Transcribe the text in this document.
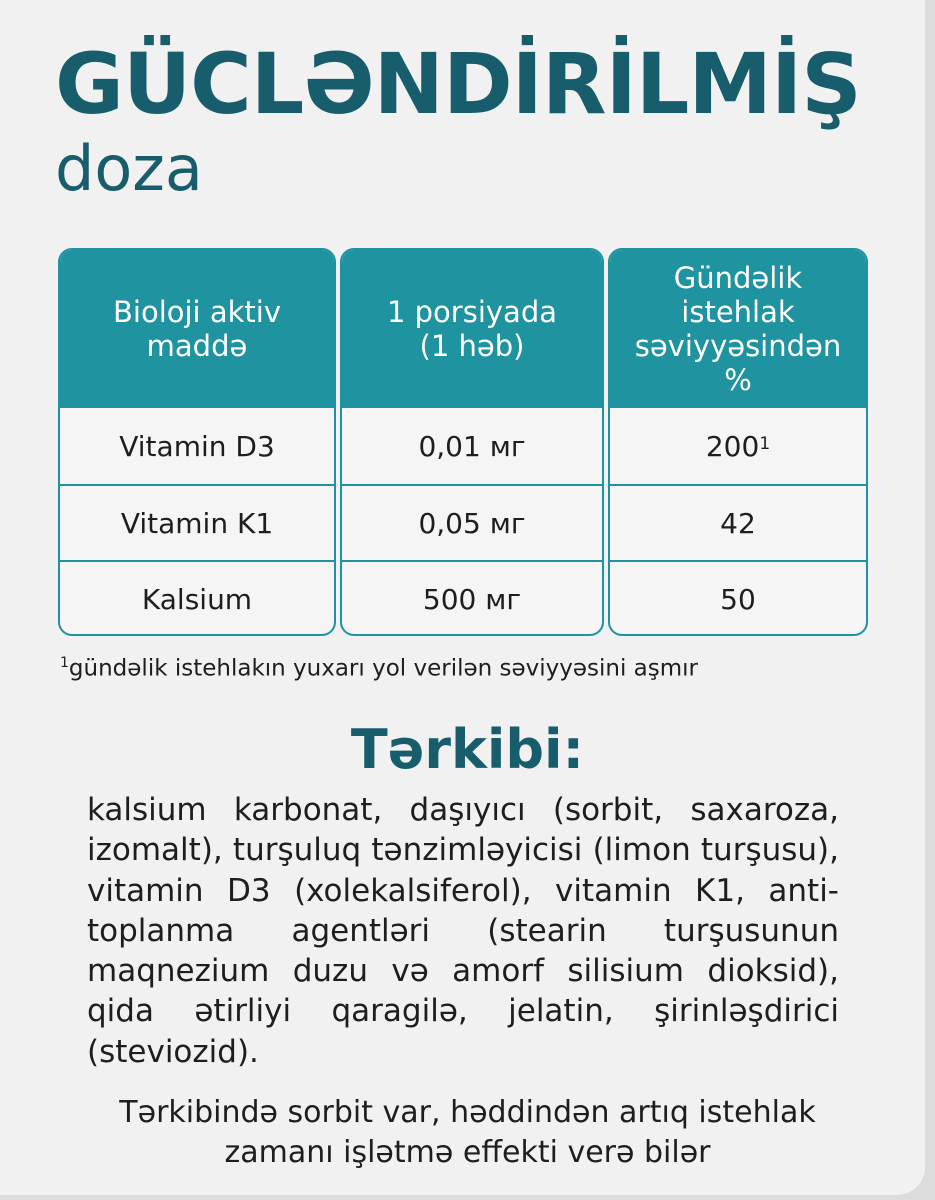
GÜCLƏNDİRİLMİŞ
doza
Bioloji aktiv
maddə
Vitamin D3
Vitamin K1
Kalsium
1 porsiyada
(1 həb)
0,01 мг
0,05 мг
500 мг
Gündəlik
istehlak
səviyyəsindən %
$200^1$
42
50
$^1$gündəlik istehlakın yuxarı yol verilən səviyyəsini aşmır
Tərkibi:
kalsium karbonat, daşıyıcı (sorbit, saxaroza, izomalt), turşuluq tənzimləyicisi (limon turşusu), vitamin D3 (xolekalsiferol), vitamin K1, anti-toplanma agentləri (stearin turşusunun maqnezium duzu və amorf silisium dioksid), qida ətirliyi qaragilə, jelatin, şirinləşdirici (steviozid).
Tərkibində sorbit var, həddindən artıq istehlak
zamanı işlətmə effekti verə bilər
